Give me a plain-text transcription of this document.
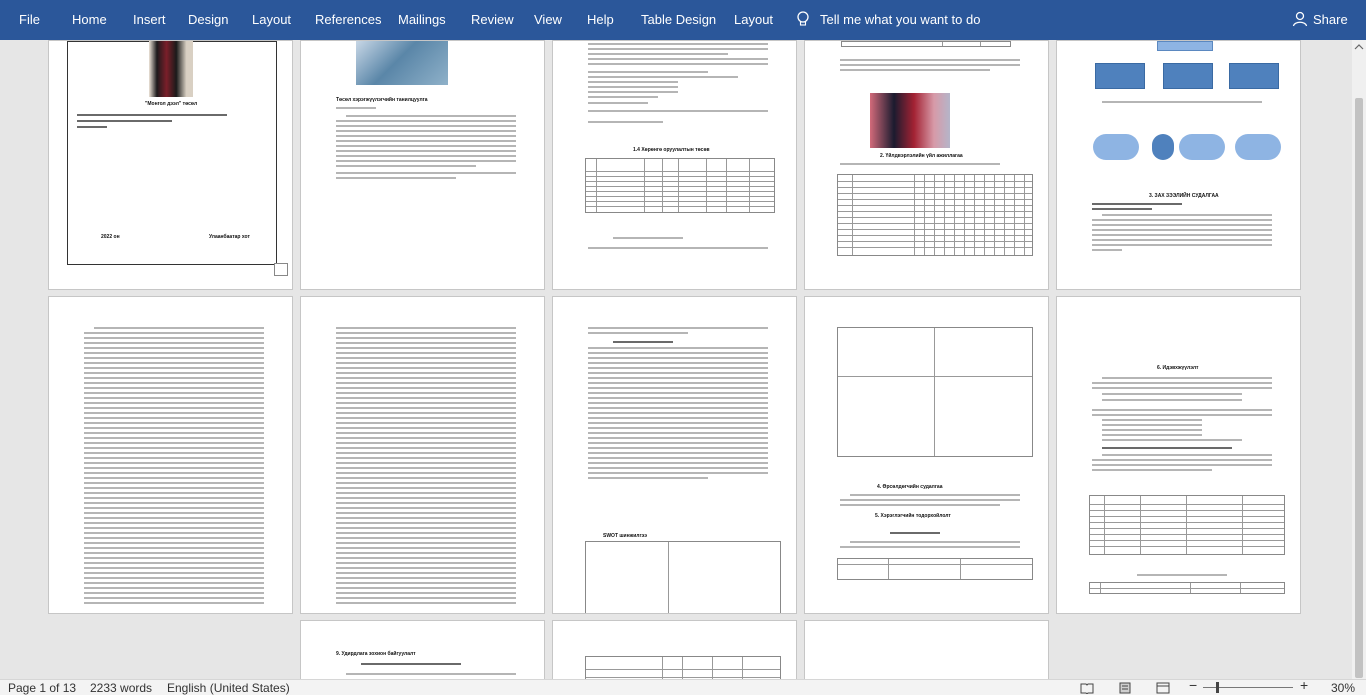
File Home Insert Design Layout References Mailings Review View Help Table Design Layout	Tell me what you want to do	Share
"Монгол дээл" төсөл
2022 он	Улаанбаатар хот
Төсөл хэрэгжүүлэгчийн танилцуулга
1.4 Хөрөнгө оруулалтын төсөв
2. Үйлдвэрлэлийн үйл ажиллагаа
3. ЗАХ ЗЭЭЛИЙН СУДАЛГАА
SWOT шинжилгээ
4. Өрсөлдөгчийн судалгаа
5. Хэрэглэгчийн тодорхойлолт
6. Идэвхжүүлэлт
9. Удирдлага зохион байгуулалт
Page 1 of 13 2233 words English (United States)	−	+ 30%
